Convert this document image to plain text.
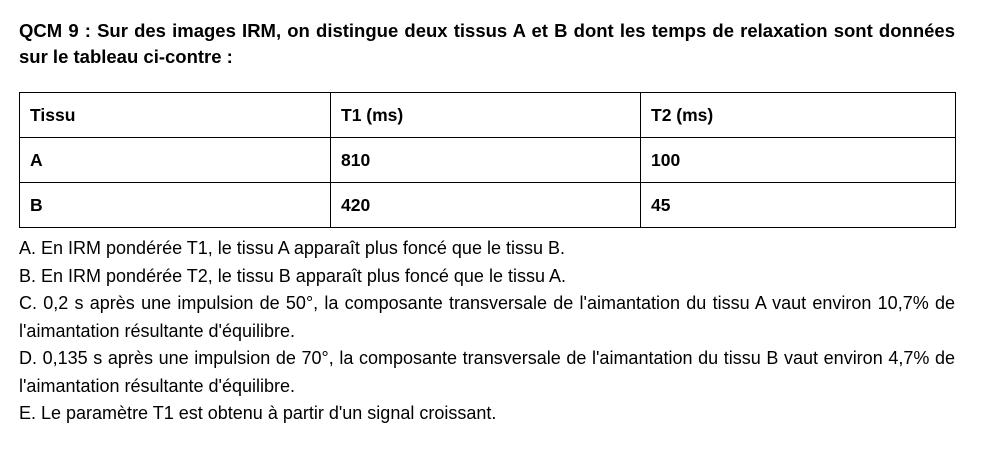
QCM 9 : Sur des images IRM, on distingue deux tissus A et B dont les temps de relaxation sont données sur le tableau ci-contre :

Tissu	T1 (ms)	T2 (ms)
A	810	100
B	420	45
A. En IRM pondérée T1, le tissu A apparaît plus foncé que le tissu B.
B. En IRM pondérée T2, le tissu B apparaît plus foncé que le tissu A.
C. 0,2 s après une impulsion de 50°, la composante transversale de l'aimantation du tissu A vaut environ 10,7% de l'aimantation résultante d'équilibre.
D. 0,135 s après une impulsion de 70°, la composante transversale de l'aimantation du tissu B vaut environ 4,7% de l'aimantation résultante d'équilibre.
E. Le paramètre T1 est obtenu à partir d'un signal croissant.
